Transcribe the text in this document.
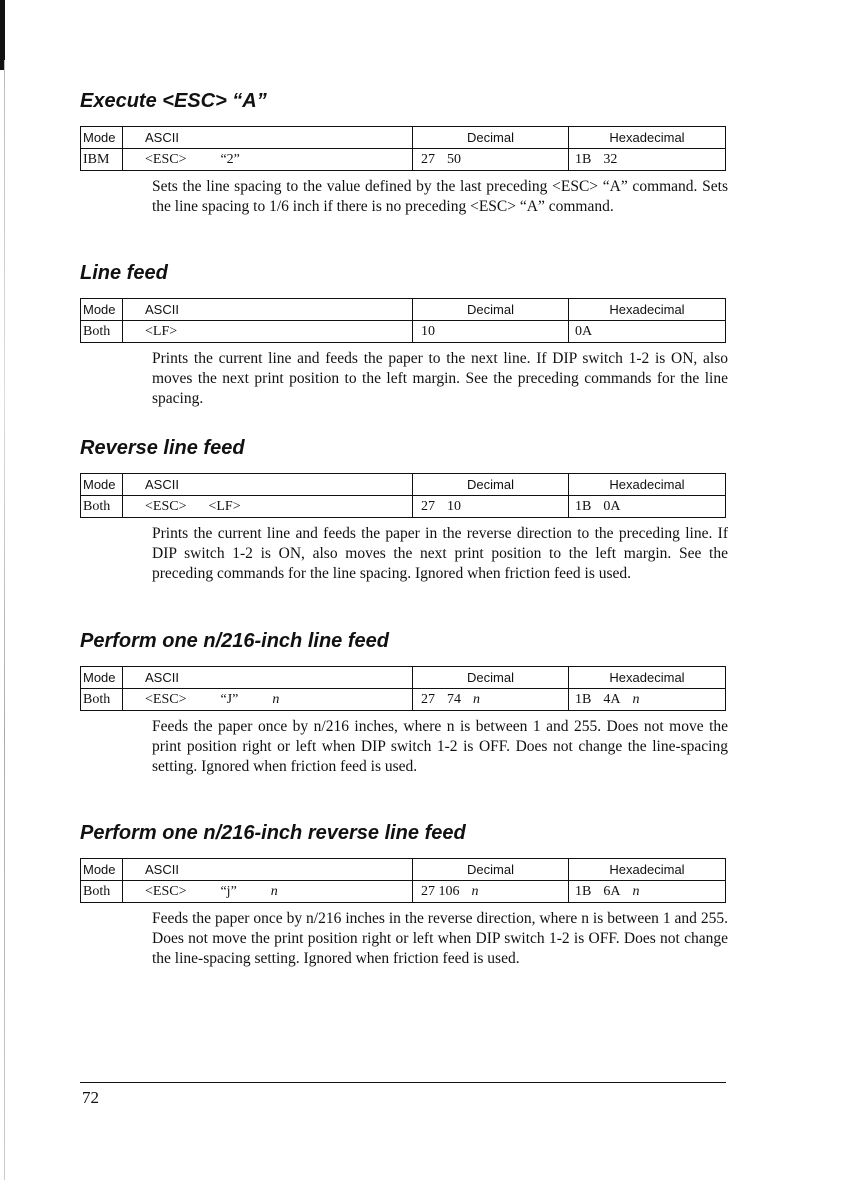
Execute <ESC> “A”
Mode	ASCII	Decimal	Hexadecimal
IBM	<ESC> “2”	27 50	1B 32
Sets the line spacing to the value defined by the last preceding <ESC> “A” command. Sets the line spacing to 1/6 inch if there is no preceding <ESC> “A” command.
Line feed
Mode	ASCII	Decimal	Hexadecimal
Both	<LF>	10	0A
Prints the current line and feeds the paper to the next line. If DIP switch 1-2 is ON, also moves the next print position to the left margin. See the preceding commands for the line spacing.
Reverse line feed
Mode	ASCII	Decimal	Hexadecimal
Both	<ESC> <LF>	27 10	1B 0A
Prints the current line and feeds the paper in the reverse direction to the preceding line. If DIP switch 1-2 is ON, also moves the next print position to the left margin. See the preceding commands for the line spacing. Ignored when friction feed is used.
Perform one n/216-inch line feed
Mode	ASCII	Decimal	Hexadecimal
Both	<ESC> “J” n	27 74 n	1B 4A n
Feeds the paper once by n/216 inches, where n is between 1 and 255. Does not move the print position right or left when DIP switch 1-2 is OFF. Does not change the line-spacing setting. Ignored when friction feed is used.
Perform one n/216-inch reverse line feed
Mode	ASCII	Decimal	Hexadecimal
Both	<ESC> “j” n	27 106 n	1B 6A n
Feeds the paper once by n/216 inches in the reverse direction, where n is between 1 and 255. Does not move the print position right or left when DIP switch 1-2 is OFF. Does not change the line-spacing setting. Ignored when friction feed is used.
72
